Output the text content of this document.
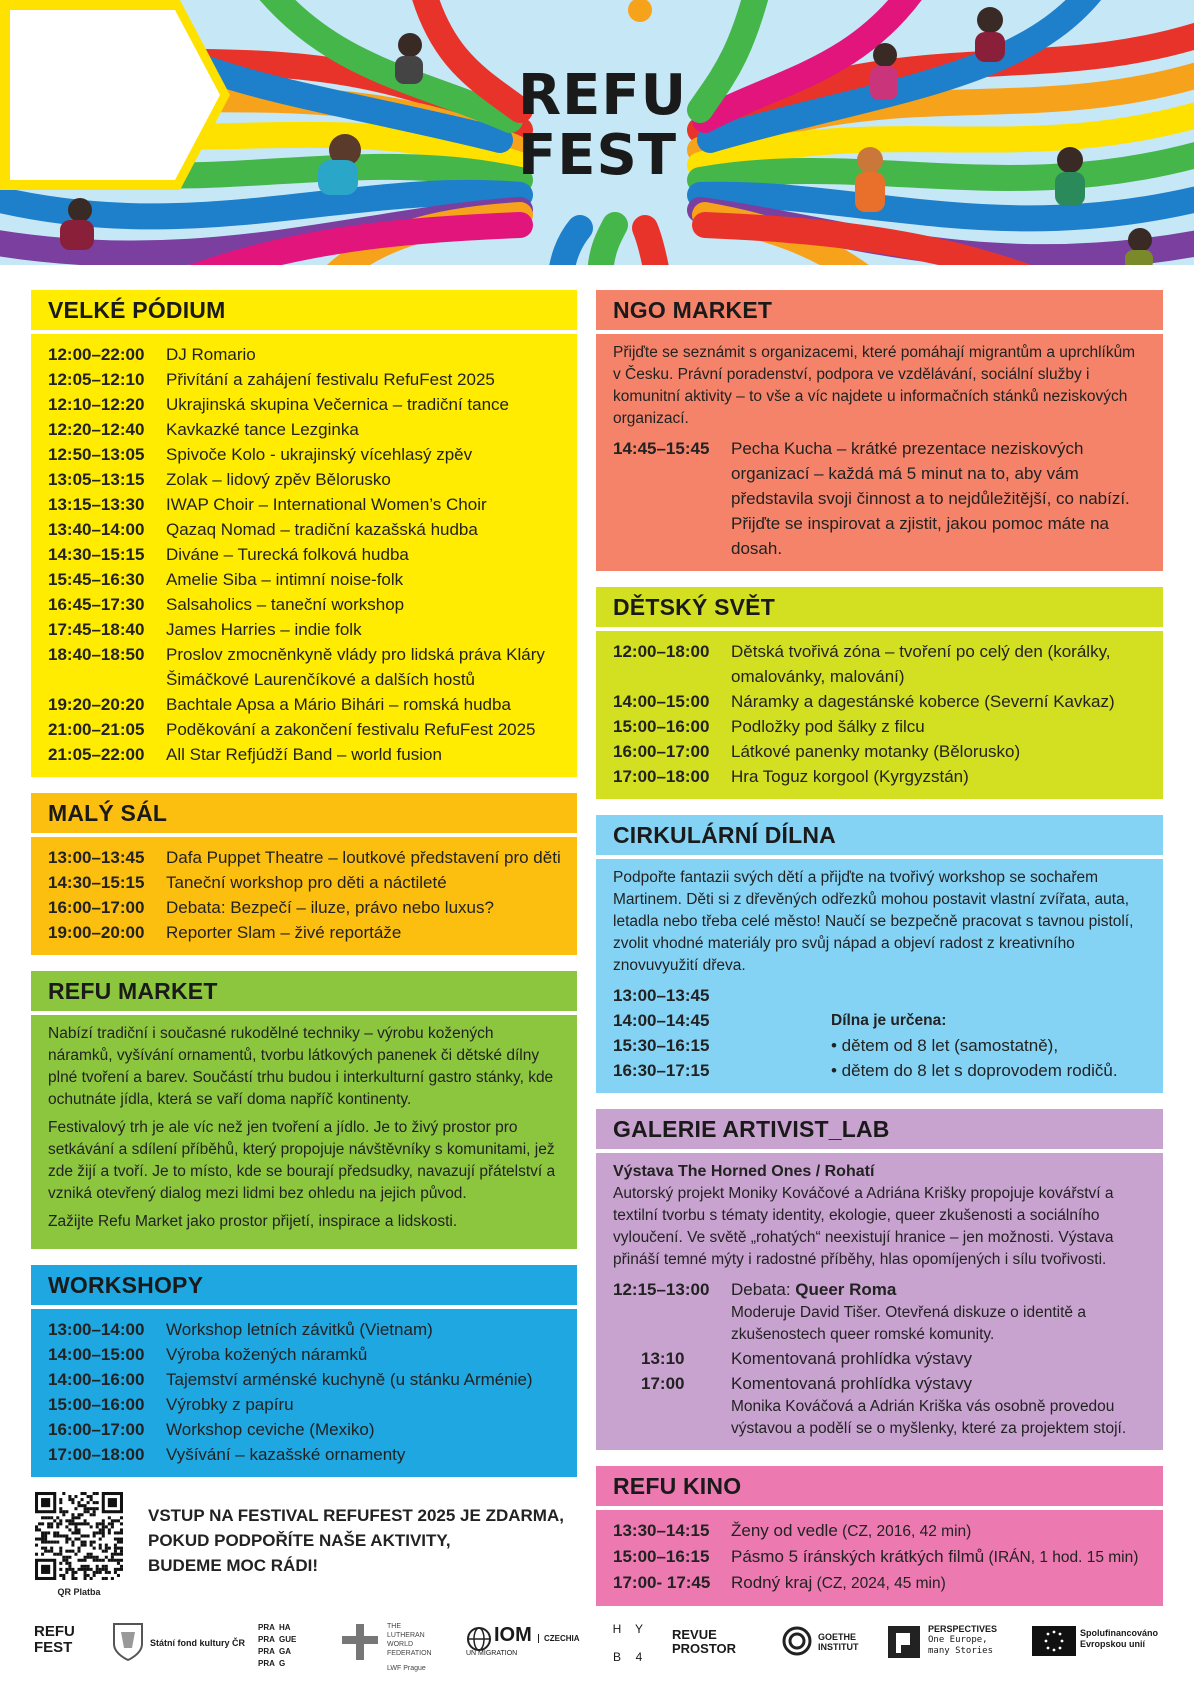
REFU
FEST
VELKÉ PÓDIUM
12:00–22:00	DJ Romario
12:05–12:10	Přivítání a zahájení festivalu RefuFest 2025
12:10–12:20	Ukrajinská skupina Večernica – tradiční tance
12:20–12:40	Kavkazké tance Lezginka
12:50–13:05	Spivoče Kolo - ukrajinský vícehlasý zpěv
13:05–13:15	Zolak – lidový zpěv Bělorusko
13:15–13:30	IWAP Choir – International Women’s Choir
13:40–14:00	Qazaq Nomad – tradiční kazašská hudba
14:30–15:15	Diváne – Turecká folková hudba
15:45–16:30	Amelie Siba – intimní noise-folk
16:45–17:30	Salsaholics – taneční workshop
17:45–18:40	James Harries – indie folk
18:40–18:50	Proslov zmocněnkyně vlády pro lidská práva Kláry Šimáčkové Laurenčíkové a dalších hostů
19:20–20:20	Bachtale Apsa a Mário Bihári – romská hudba
21:00–21:05	Poděkování a zakončení festivalu RefuFest 2025
21:05–22:00	All Star Refjúdží Band – world fusion
MALÝ SÁL
13:00–13:45	Dafa Puppet Theatre – loutkové představení pro děti
14:30–15:15	Taneční workshop pro děti a náctileté
16:00–17:00	Debata: Bezpečí – iluze, právo nebo luxus?
19:00–20:00	Reporter Slam – živé reportáže
REFU MARKET

Nabízí tradiční i současné rukodělné techniky – výrobu kožených náramků, vyšívání ornamentů, tvorbu látkových panenek či dětské dílny plné tvoření a barev. Součástí trhu budou i interkulturní gastro stánky, kde ochutnáte jídla, která se vaří doma napříč kontinenty.

Festivalový trh je ale víc než jen tvoření a jídlo. Je to živý prostor pro setkávání a sdílení příběhů, který propojuje návštěvníky s komunitami, jež zde žijí a tvoří. Je to místo, kde se bourají předsudky, navazují přátelství a vzniká otevřený dialog mezi lidmi bez ohledu na jejich původ.

Zažijte Refu Market jako prostor přijetí, inspirace a lidskosti.

WORKSHOPY
13:00–14:00	Workshop letních závitků (Vietnam)
14:00–15:00	Výroba kožených náramků
14:00–16:00	Tajemství arménské kuchyně (u stánku Arménie)
15:00–16:00	Výrobky z papíru
16:00–17:00	Workshop ceviche (Mexiko)
17:00–18:00	Vyšívání – kazašské ornamenty
NGO MARKET

Přijďte se seznámit s organizacemi, které pomáhají migrantům a uprchlíkům v Česku. Právní poradenství, podpora ve vzdělávání, sociální služby i komunitní aktivity – to vše a víc najdete u informačních stánků neziskových organizací.

14:45–15:45	Pecha Kucha – krátké prezentace neziskových organizací – každá má 5 minut na to, aby vám představila svoji činnost a to nejdůležitější, co nabízí. Přijďte se inspirovat a zjistit, jakou pomoc máte na dosah.
DĚTSKÝ SVĚT
12:00–18:00	Dětská tvořivá zóna – tvoření po celý den (korálky, omalovánky, malování)
14:00–15:00	Náramky a dagestánské koberce (Severní Kavkaz)
15:00–16:00	Podložky pod šálky z filcu
16:00–17:00	Látkové panenky motanky (Bělorusko)
17:00–18:00	Hra Toguz korgool (Kyrgyzstán)
CIRKULÁRNÍ DÍLNA

Podpořte fantazii svých dětí a přijďte na tvořivý workshop se sochařem Martinem. Děti si z dřevěných odřezků mohou postavit vlastní zvířata, auta, letadla nebo třeba celé město! Naučí se bezpečně pracovat s tavnou pistolí, zvolit vhodné materiály pro svůj nápad a objeví radost z kreativního znovuvyužití dřeva.

13:00–13:45
14:00–14:45
15:30–16:15
16:30–17:15
Dílna je určena:
• dětem od 8 let (samostatně),
• dětem do 8 let s doprovodem rodičů.
GALERIE ARTIVIST_LAB
Výstava The Horned Ones / Rohatí

Autorský projekt Moniky Kováčové a Adriána Krišky propojuje kovářství a textilní tvorbu s tématy identity, ekologie, queer zkušenosti a sociálního vyloučení. Ve světě „rohatých“ neexistují hranice – jen možnosti. Výstava přináší temné mýty i radostné příběhy, hlas opomíjených i sílu tvořivosti.

12:15–13:00	Debata: Queer Roma
Moderuje David Tišer. Otevřená diskuze o identitě a zkušenostech queer romské komunity.
13:10	Komentovaná prohlídka výstavy
17:00	Komentovaná prohlídka výstavy
Monika Kováčová a Adrián Kriška vás osobně provedou výstavou a podělí se o myšlenky, které za projektem stojí.
REFU KINO
13:30–14:15	Ženy od vedle (CZ, 2016, 42 min)
15:00–16:15	Pásmo 5 íránských krátkých filmů (IRÁN, 1 hod. 15 min)
17:00- 17:45	Rodný kraj (CZ, 2024, 45 min)
QR Platba
VSTUP NA FESTIVAL REFUFEST 2025 JE ZDARMA,
POKUD PODPOŘÍTE NAŠE AKTIVITY,
BUDEME MOC RÁDI!
REFU
FEST	Státní fond kultury ČR
PRA HA
PRA GUE
PRA GA
PRA G
THE
LUTHERAN
WORLD
FEDERATION
LWF Prague
IOM
UN MIGRATION
CZECHIA
H	Y
B	4
REVUE
PROSTOR
GOETHE
INSTITUT
PERSPECTIVES
One Europe,
many Stories
Spolufinancováno
Evropskou unií
